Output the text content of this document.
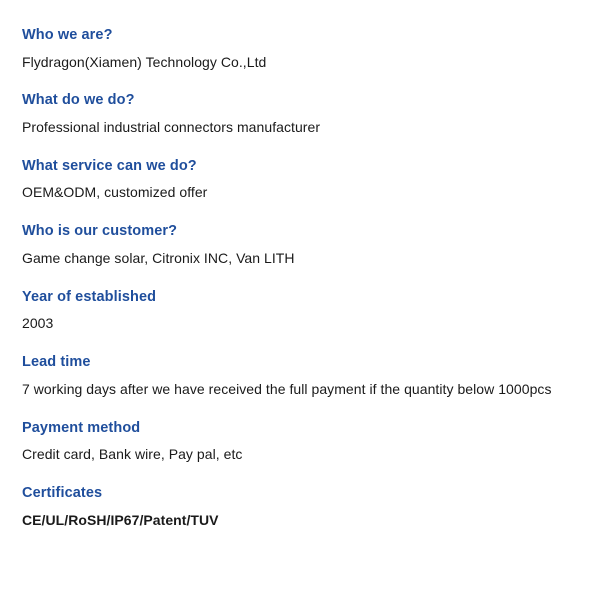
Who we are?

Flydragon(Xiamen) Technology Co.,Ltd

What do we do?

Professional industrial connectors manufacturer

What service can we do?

OEM&ODM, customized offer

Who is our customer?

Game change solar, Citronix INC, Van LITH

Year of established

2003

Lead time

7 working days after we have received the full payment if the quantity below 1000pcs

Payment method

Credit card, Bank wire, Pay pal, etc

Certificates

CE/UL/RoSH/IP67/Patent/TUV
